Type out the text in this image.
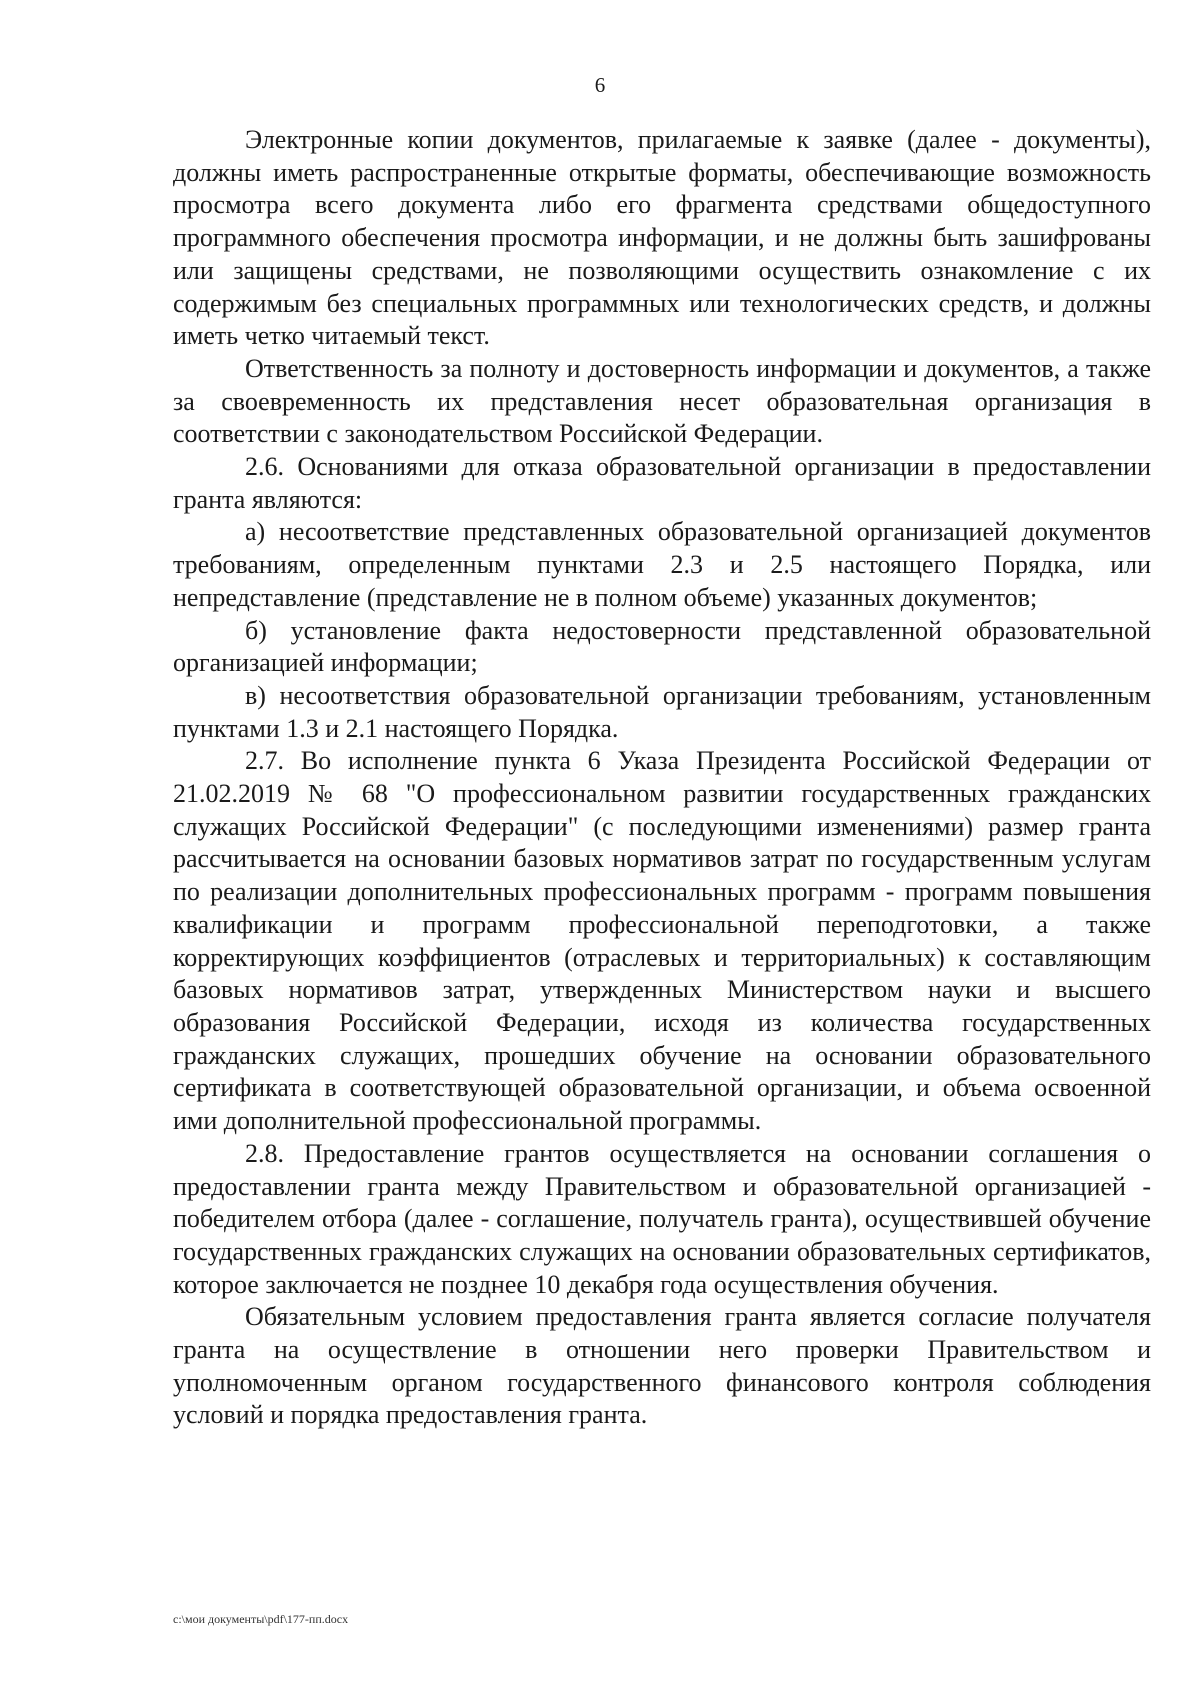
6

Электронные копии документов, прилагаемые к заявке (далее - документы), должны иметь распространенные открытые форматы, обеспечивающие возможность просмотра всего документа либо его фрагмента средствами общедоступного программного обеспечения просмотра информации, и не должны быть зашифрованы или защищены средствами, не позволяющими осуществить ознакомление с их содержимым без специальных программных или технологических средств, и должны иметь четко читаемый текст.

Ответственность за полноту и достоверность информации и документов, а также за своевременность их представления несет образовательная организация в соответствии с законодательством Российской Федерации.

2.6. Основаниями для отказа образовательной организации в предоставлении гранта являются:

а) несоответствие представленных образовательной организацией документов требованиям, определенным пунктами 2.3 и 2.5 настоящего Порядка, или непредставление (представление не в полном объеме) указанных документов;

б) установление факта недостоверности представленной образовательной организацией информации;

в) несоответствия образовательной организации требованиям, установленным пунктами 1.3 и 2.1 настоящего Порядка.

2.7. Во исполнение пункта 6 Указа Президента Российской Федерации от 21.02.2019 № 68 "О профессиональном развитии государственных гражданских служащих Российской Федерации" (с последующими изменениями) размер гранта рассчитывается на основании базовых нормативов затрат по государственным услугам по реализации дополнительных профессиональных программ - программ повышения квалификации и программ профессиональной переподготовки, а также корректирующих коэффициентов (отраслевых и территориальных) к составляющим базовых нормативов затрат, утвержденных Министерством науки и высшего образования Российской Федерации, исходя из количества государственных гражданских служащих, прошедших обучение на основании образовательного сертификата в соответствующей образовательной организации, и объема освоенной ими дополнительной профессиональной программы.

2.8. Предоставление грантов осуществляется на основании соглашения о предоставлении гранта между Правительством и образовательной организацией - победителем отбора (далее - соглашение, получатель гранта), осуществившей обучение государственных гражданских служащих на основании образовательных сертификатов, которое заключается не позднее 10 декабря года осуществления обучения.

Обязательным условием предоставления гранта является согласие получателя гранта на осуществление в отношении него проверки Правительством и уполномоченным органом государственного финансового контроля соблюдения условий и порядка предоставления гранта.

c:\мои документы\pdf\177-пп.docx
